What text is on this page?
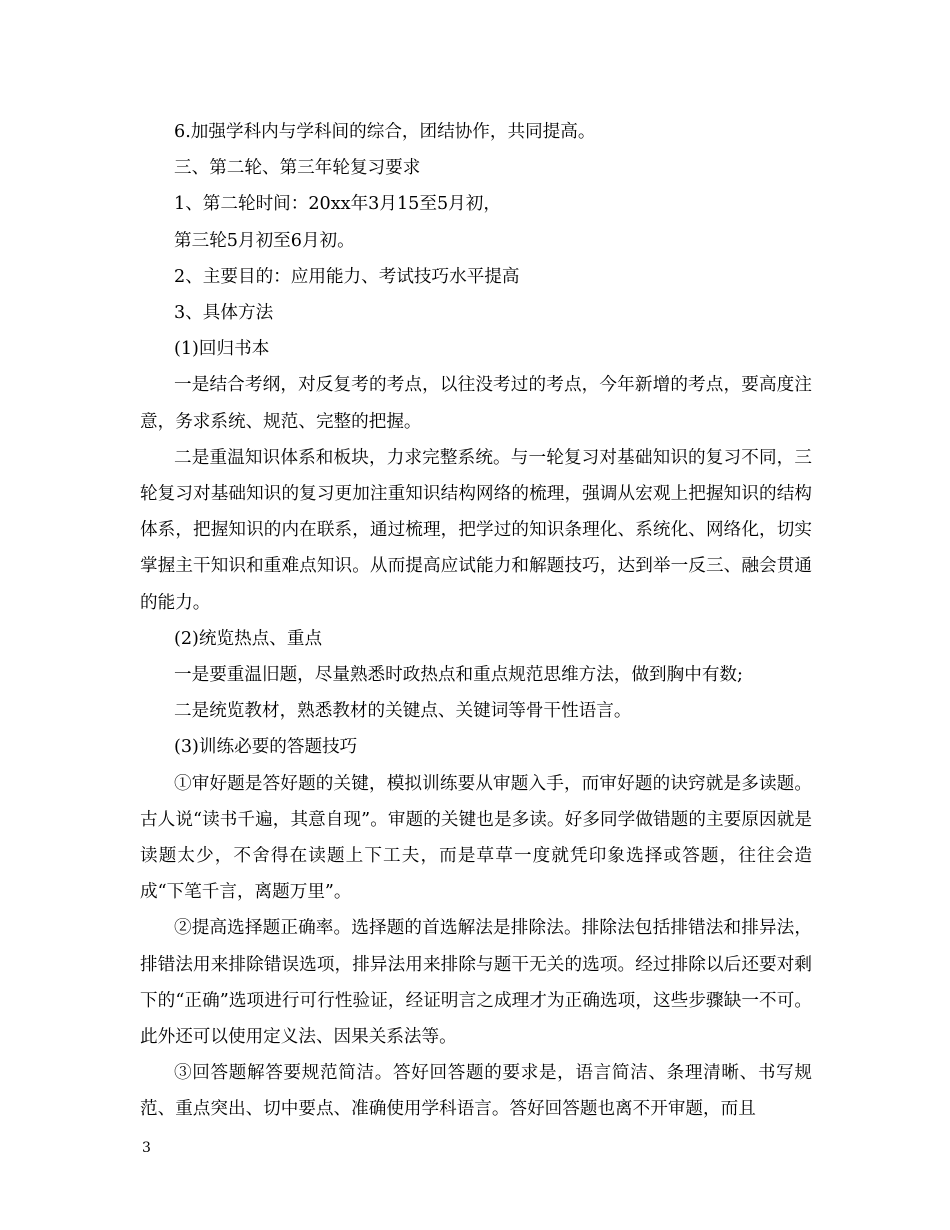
6.加强学科内与学科间的综合，团结协作，共同提高。

三、第二轮、第三年轮复习要求

1、第二轮时间：20xx年3月15至5月初，

第三轮5月初至6月初。

2、主要目的：应用能力、考试技巧水平提高

3、具体方法

(1)回归书本

一是结合考纲，对反复考的考点，以往没考过的考点，今年新增的考点，要高度注意，务求系统、规范、完整的把握。

二是重温知识体系和板块，力求完整系统。与一轮复习对基础知识的复习不同，三轮复习对基础知识的复习更加注重知识结构网络的梳理，强调从宏观上把握知识的结构体系，把握知识的内在联系，通过梳理，把学过的知识条理化、系统化、网络化，切实掌握主干知识和重难点知识。从而提高应试能力和解题技巧，达到举一反三、融会贯通的能力。

(2)统览热点、重点

一是要重温旧题，尽量熟悉时政热点和重点规范思维方法，做到胸中有数;

二是统览教材，熟悉教材的关键点、关键词等骨干性语言。

(3)训练必要的答题技巧

①审好题是答好题的关键，模拟训练要从审题入手，而审好题的诀窍就是多读题。古人说“读书千遍，其意自现”。审题的关键也是多读。好多同学做错题的主要原因就是读题太少，不舍得在读题上下工夫，而是草草一度就凭印象选择或答题，往往会造成“下笔千言，离题万里”。

②提高选择题正确率。选择题的首选解法是排除法。排除法包括排错法和排异法，排错法用来排除错误选项，排异法用来排除与题干无关的选项。经过排除以后还要对剩下的“正确”选项进行可行性验证，经证明言之成理才为正确选项，这些步骤缺一不可。此外还可以使用定义法、因果关系法等。

③回答题解答要规范简洁。答好回答题的要求是，语言简洁、条理清晰、书写规范、重点突出、切中要点、准确使用学科语言。答好回答题也离不开审题，而且

3
